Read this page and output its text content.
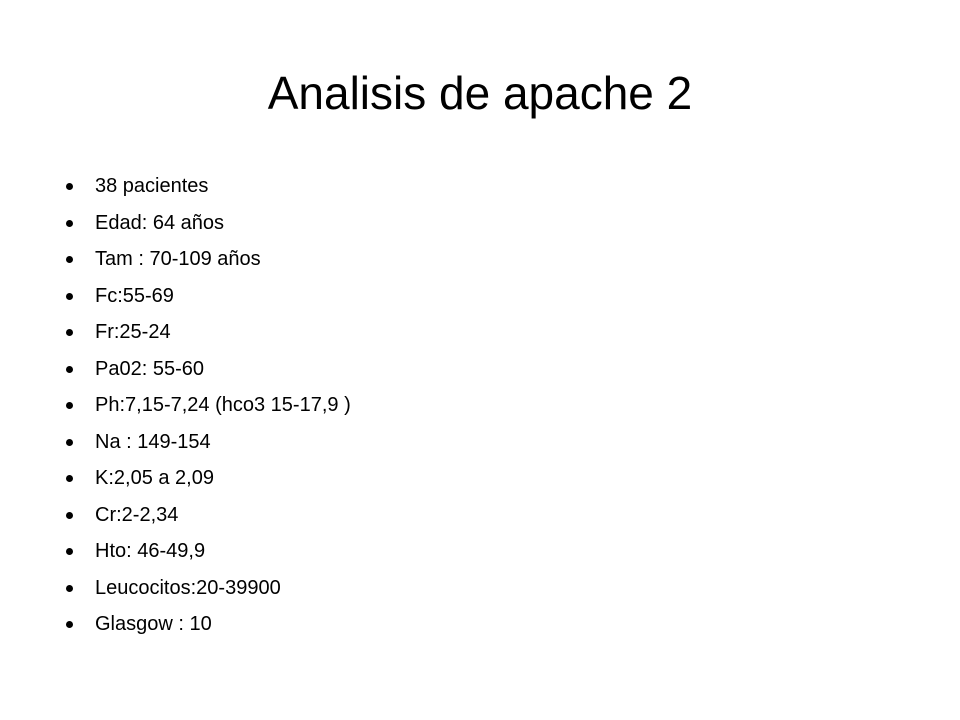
Analisis de apache 2
38 pacientes
Edad: 64 años
Tam : 70-109 años
Fc:55-69
Fr:25-24
Pa02: 55-60
Ph:7,15-7,24 (hco3 15-17,9 )
Na : 149-154
K:2,05 a 2,09
Cr:2-2,34
Hto: 46-49,9
Leucocitos:20-39900
Glasgow : 10
